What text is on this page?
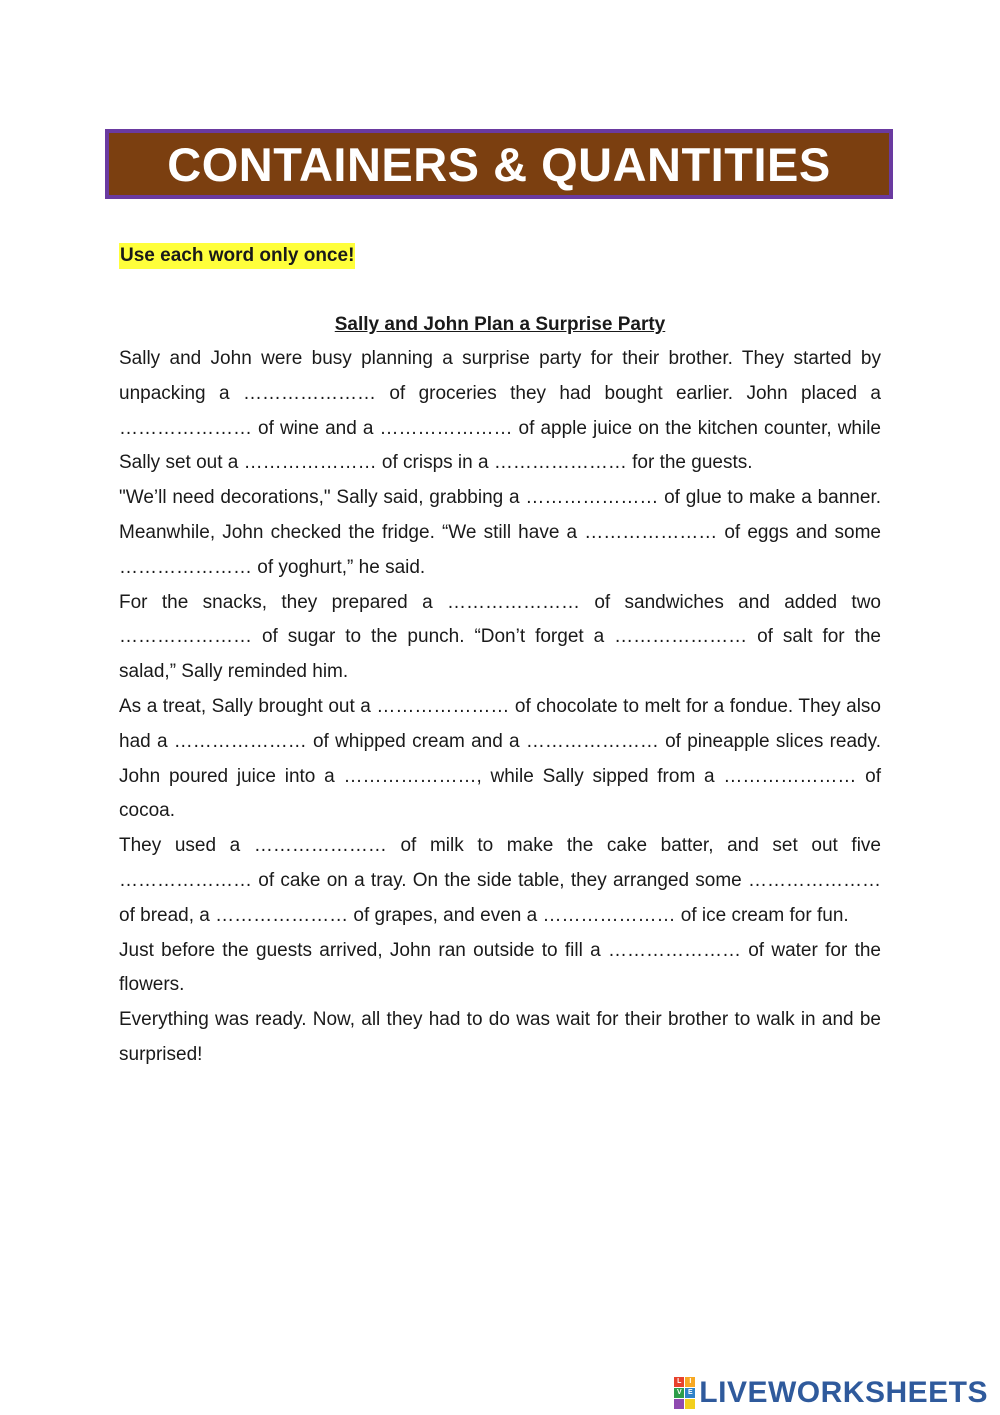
CONTAINERS & QUANTITIES
Use each word only once!
Sally and John Plan a Surprise Party

Sally and John were busy planning a surprise party for their brother. They started by unpacking a ………………… of groceries they had bought earlier. John placed a ………………… of wine and a ………………… of apple juice on the kitchen counter, while Sally set out a ………………… of crisps in a ………………… for the guests.

"We’ll need decorations," Sally said, grabbing a ………………… of glue to make a banner. Meanwhile, John checked the fridge. “We still have a ………………… of eggs and some ………………… of yoghurt,” he said.

For the snacks, they prepared a ………………… of sandwiches and added two ………………… of sugar to the punch. “Don’t forget a ………………… of salt for the salad,” Sally reminded him.

As a treat, Sally brought out a ………………… of chocolate to melt for a fondue. They also had a ………………… of whipped cream and a ………………… of pineapple slices ready. John poured juice into a …………………, while Sally sipped from a ………………… of cocoa.

They used a ………………… of milk to make the cake batter, and set out five ………………… of cake on a tray. On the side table, they arranged some ………………… of bread, a ………………… of grapes, and even a ………………… of ice cream for fun.

Just before the guests arrived, John ran outside to fill a ………………… of water for the flowers.

Everything was ready. Now, all they had to do was wait for their brother to walk in and be surprised!

L	I
V E LIVEWORKSHEETS
